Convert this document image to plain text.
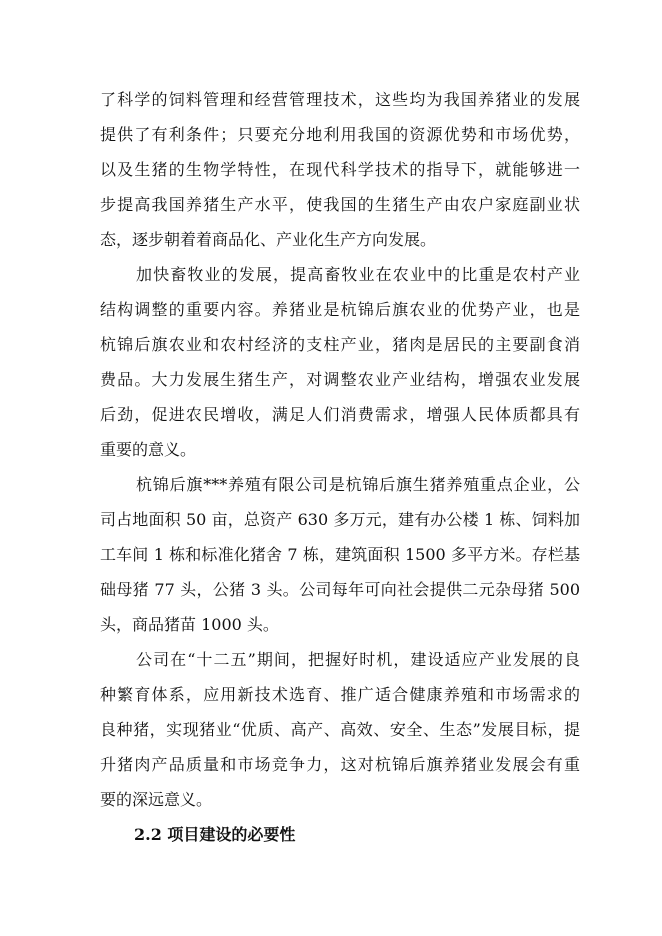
了科学的饲料管理和经营管理技术，这些均为我国养猪业的发展
提供了有利条件；只要充分地利用我国的资源优势和市场优势，
以及生猪的生物学特性，在现代科学技术的指导下，就能够进一
步提高我国养猪生产水平，使我国的生猪生产由农户家庭副业状
态，逐步朝着着商品化、产业化生产方向发展。
加快畜牧业的发展，提高畜牧业在农业中的比重是农村产业
结构调整的重要内容。养猪业是杭锦后旗农业的优势产业，也是
杭锦后旗农业和农村经济的支柱产业，猪肉是居民的主要副食消
费品。大力发展生猪生产，对调整农业产业结构，增强农业发展
后劲，促进农民增收，满足人们消费需求，增强人民体质都具有
重要的意义。
杭锦后旗***养殖有限公司是杭锦后旗生猪养殖重点企业，公
司占地面积 50 亩，总资产 630 多万元，建有办公楼 1 栋、饲料加
工车间 1 栋和标准化猪舍 7 栋，建筑面积 1500 多平方米。存栏基
础母猪 77 头，公猪 3 头。公司每年可向社会提供二元杂母猪 500
头，商品猪苗 1000 头。
公司在“十二五”期间，把握好时机，建设适应产业发展的良
种繁育体系，应用新技术选育、推广适合健康养殖和市场需求的
良种猪，实现猪业“优质、高产、高效、安全、生态”发展目标，提
升猪肉产品质量和市场竞争力，这对杭锦后旗养猪业发展会有重
要的深远意义。
2.2 项目建设的必要性
